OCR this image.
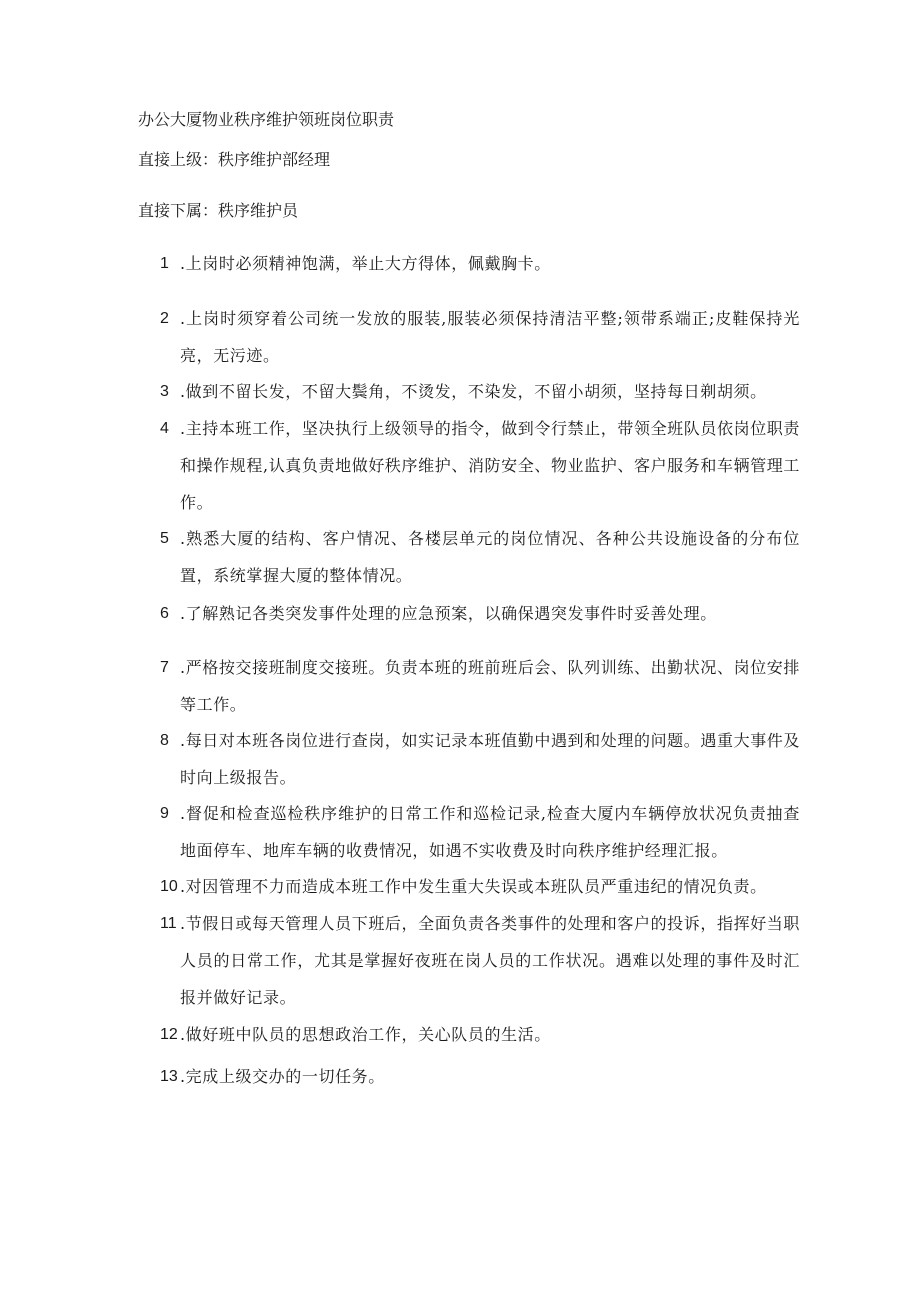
办公大厦物业秩序维护领班岗位职责
直接上级：秩序维护部经理
直接下属：秩序维护员
1 .上岗时必须精神饱满，举止大方得体，佩戴胸卡。
2 .上岗时须穿着公司统一发放的服装,服装必须保持清洁平整;领带系端正;皮鞋保持光亮，无污迹。
3 .做到不留长发，不留大鬓角，不烫发，不染发，不留小胡须，坚持每日剃胡须。
4 .主持本班工作，坚决执行上级领导的指令，做到令行禁止，带领全班队员依岗位职责和操作规程,认真负责地做好秩序维护、消防安全、物业监护、客户服务和车辆管理工作。
5 .熟悉大厦的结构、客户情况、各楼层单元的岗位情况、各种公共设施设备的分布位置，系统掌握大厦的整体情况。
6 .了解熟记各类突发事件处理的应急预案，以确保遇突发事件时妥善处理。
7 .严格按交接班制度交接班。负责本班的班前班后会、队列训练、出勤状况、岗位安排等工作。
8 .每日对本班各岗位进行查岗，如实记录本班值勤中遇到和处理的问题。遇重大事件及时向上级报告。
9 .督促和检查巡检秩序维护的日常工作和巡检记录,检查大厦内车辆停放状况负责抽查地面停车、地库车辆的收费情况，如遇不实收费及时向秩序维护经理汇报。
10 .对因管理不力而造成本班工作中发生重大失误或本班队员严重违纪的情况负责。
11 .节假日或每天管理人员下班后，全面负责各类事件的处理和客户的投诉，指挥好当职人员的日常工作，尤其是掌握好夜班在岗人员的工作状况。遇难以处理的事件及时汇报并做好记录。
12 .做好班中队员的思想政治工作，关心队员的生活。
13 .完成上级交办的一切任务。
